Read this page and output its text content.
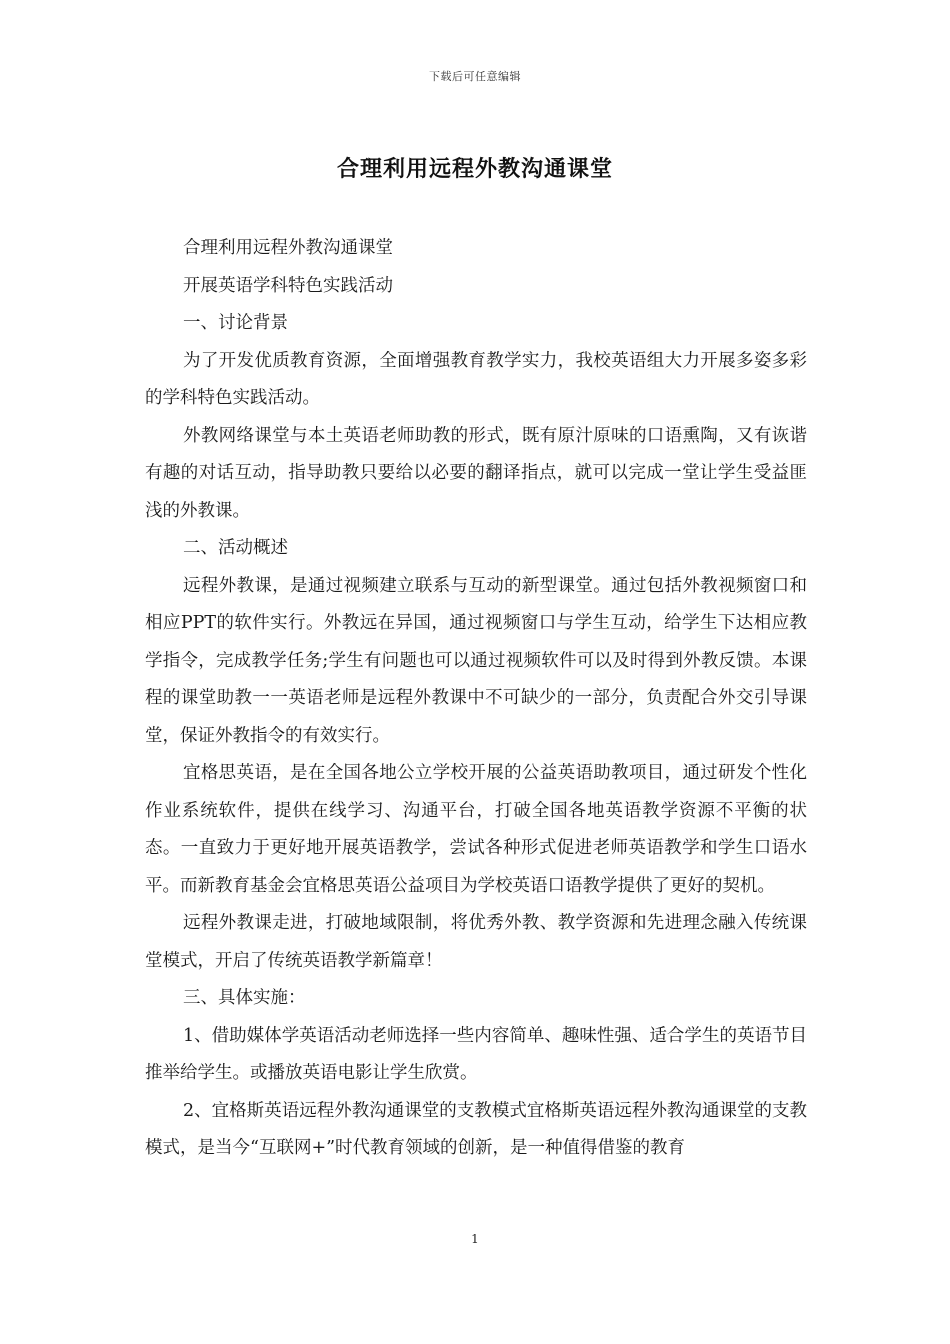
下载后可任意编辑
合理利用远程外教沟通课堂

合理利用远程外教沟通课堂

开展英语学科特色实践活动

一、讨论背景

为了开发优质教育资源，全面增强教育教学实力，我校英语组大力开展多姿多彩的学科特色实践活动。

外教网络课堂与本土英语老师助教的形式，既有原汁原味的口语熏陶，又有诙谐有趣的对话互动，指导助教只要给以必要的翻译指点，就可以完成一堂让学生受益匪浅的外教课。

二、活动概述

远程外教课，是通过视频建立联系与互动的新型课堂。通过包括外教视频窗口和相应PPT的软件实行。外教远在异国，通过视频窗口与学生互动，给学生下达相应教学指令，完成教学任务;学生有问题也可以通过视频软件可以及时得到外教反馈。本课程的课堂助教一一英语老师是远程外教课中不可缺少的一部分，负责配合外交引导课堂，保证外教指令的有效实行。

宜格思英语，是在全国各地公立学校开展的公益英语助教项目，通过研发个性化作业系统软件，提供在线学习、沟通平台，打破全国各地英语教学资源不平衡的状态。一直致力于更好地开展英语教学，尝试各种形式促进老师英语教学和学生口语水平。而新教育基金会宜格思英语公益项目为学校英语口语教学提供了更好的契机。

远程外教课走进，打破地域限制，将优秀外教、教学资源和先进理念融入传统课堂模式，开启了传统英语教学新篇章！

三、具体实施：

1、借助媒体学英语活动老师选择一些内容简单、趣味性强、适合学生的英语节目推举给学生。或播放英语电影让学生欣赏。

2、宜格斯英语远程外教沟通课堂的支教模式宜格斯英语远程外教沟通课堂的支教模式，是当今“互联网+”时代教育领域的创新，是一种值得借鉴的教育

1
